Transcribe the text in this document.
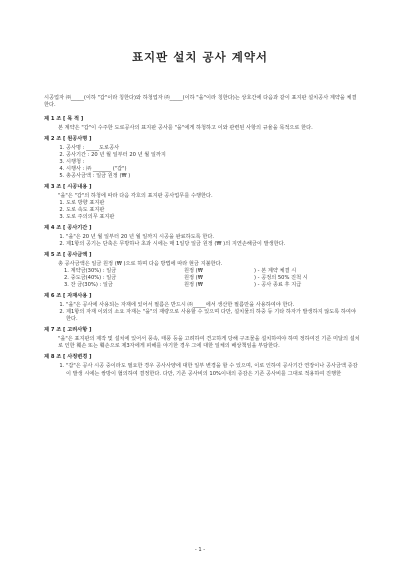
표지판 설치 공사 계약서

시공업자 ㈜_____(이하 "갑"이라 칭한다)와 하청업자 ㈜_____(이하 "을"이라 칭한다)는 상호간에 다음과 같이 표지판 설치공사 계약을 체결한다.

제 1 조 [ 목 적 ]

본 계약은 "갑"이 수주한 도로공사의 표지판 공사를 "을"에게 하청하고 이와 관련된 사항의 규율을 목적으로 한다.

제 2 조 [ 원공사명 ]
1. 공사명 : _____도로공사
2. 공사기간 : 20 년 월 일부터 20 년 월 일까지
3. 시행청 :
4. 시행사 : ㈜ _______ ("갑")
5. 총공사금액 : 일금 원정 (₩ )
제 3 조 [ 시공내용 ]

"을"은 "갑"의 하청에 따라 다음 각호의 표지판 공사업무를 수행한다.

1. 도로 방향 표지판
2. 도로 속도 표지판
3. 도로 주의의무 표지판
제 4 조 [ 공사기간 ]
1. "을"은 20 년 월 일부터 20 년 월 일까지 시공을 완료하도록 한다.
2. 제1항의 공기는 단축은 무방하나 초과 시에는 매 1일당 일금 원정 (₩ )의 지연손해금이 발생한다.
제 5 조 [ 공사금액 ]

총 공사금액은 일금 원정 (₩ )으로 하며 다음 방법에 따라 현금 지불한다.

1. 계약금(30%) : 일금	원정 (₩	) - 본 계약 체결 시
2. 중도금(40%) : 일금	원정 (₩	) - 공정의 50% 진척 시
3. 잔 금(30%) : 일금	원정 (₩	) - 공사 종료 후 지급
제 6 조 [ 자재사용 ]
1. "을"은 공사에 사용되는 자재에 있어서 필름은 반드시 ㈜_____에서 생산한 필름만을 사용하여야 한다.
2. 제1항의 자재 이외의 소요 자재는 "을"의 재량으로 사용할 수 있으며 다만, 설치물의 하중 등 기타 하자가 발생하지 않도록 하여야 한다.
제 7 조 [ 고려사항 ]

"을"은 표지판의 제작 및 설치에 있어서 풍속, 태풍 등을 고려하여 견고하게 당해 구조물을 설치하여야 하며 정하여진 기준 미달의 설치로 인한 훼손 또는 훼손으로 제3자에게 피해를 야기한 경우 그에 대한 일체의 배상책임을 부담한다.

제 8 조 [ 사정변경 ]
1. "갑"은 공사 시공 중이라도 필요한 경우 공사사양에 대한 일부 변경을 할 수 있으며, 이로 인하여 공사기간 연장이나 공사금액 증감이 발생 시에는 쌍방이 협의하여 결정한다. 다만, 기존 공사비의 10%이내의 증감은 기존 공사비를 그대로 적용하여 진행한
- 1 -
